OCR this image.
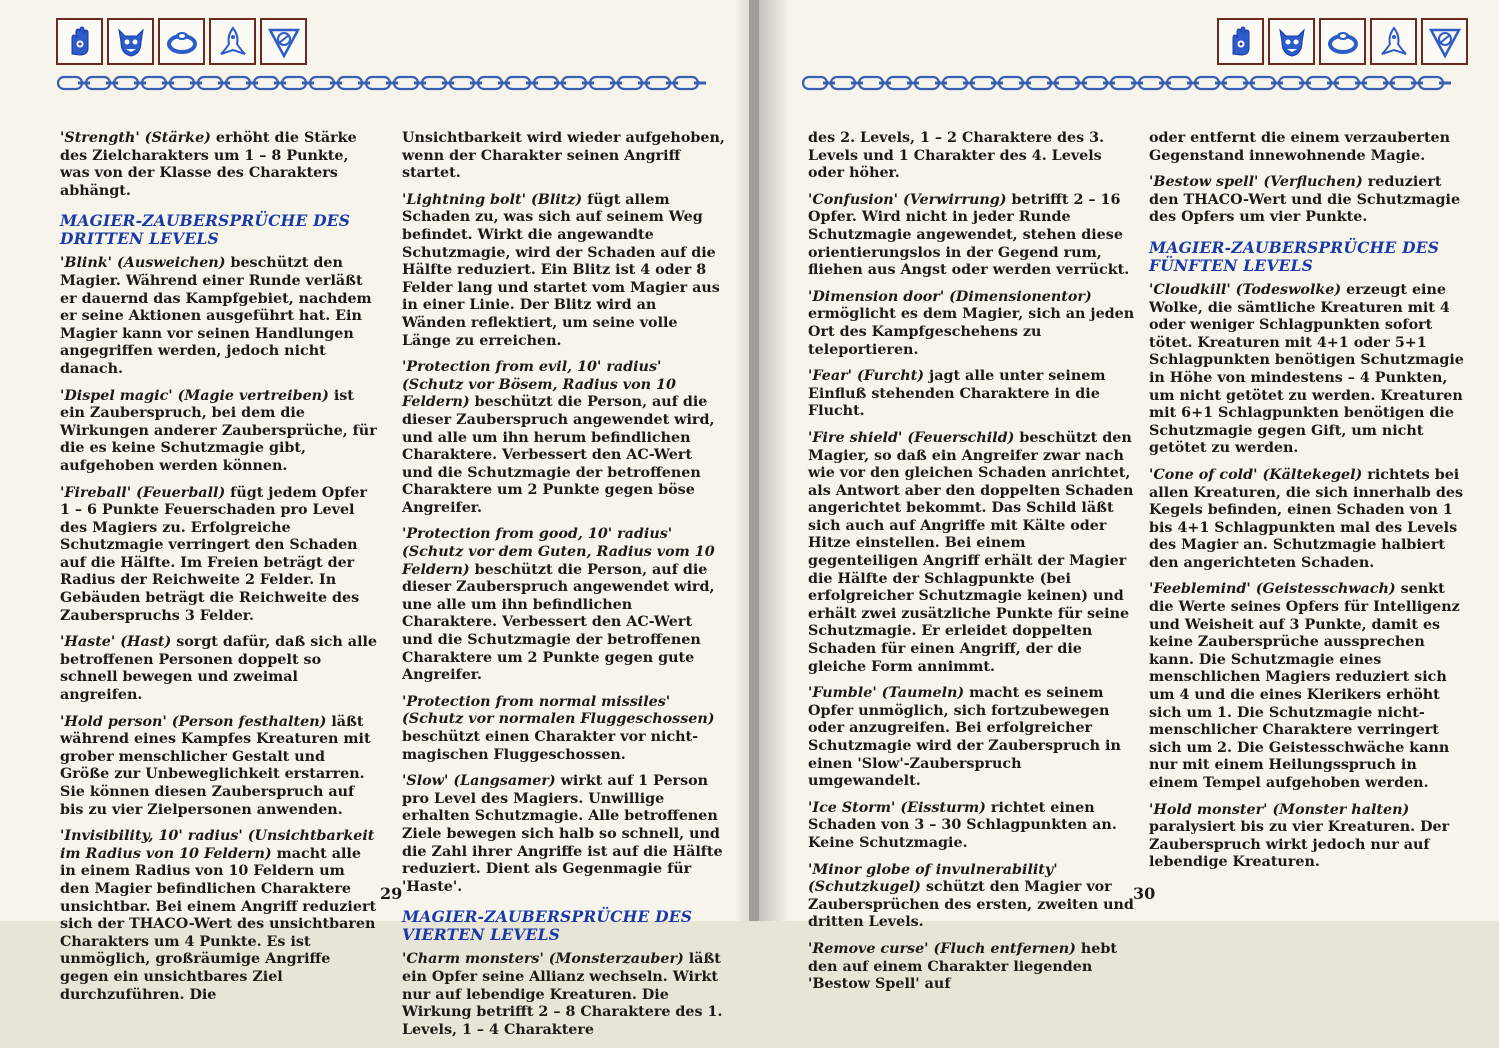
'Strength' (Stärke) erhöht die Stärke des Zielcharakters um 1 – 8 Punkte, was von der Klasse des Charakters abhängt.

MAGIER-ZAUBERSPRÜCHE DES DRITTEN LEVELS

'Blink' (Ausweichen) beschützt den Magier. Während einer Runde verläßt er dauernd das Kampfgebiet, nachdem er seine Aktionen ausgeführt hat. Ein Magier kann vor seinen Handlungen angegriffen werden, jedoch nicht danach.

'Dispel magic' (Magie vertreiben) ist ein Zauberspruch, bei dem die Wirkungen anderer Zaubersprüche, für die es keine Schutzmagie gibt, aufgehoben werden können.

'Fireball' (Feuerball) fügt jedem Opfer 1 – 6 Punkte Feuerschaden pro Level des Magiers zu. Erfolgreiche Schutzmagie verringert den Schaden auf die Hälfte. Im Freien beträgt der Radius der Reichweite 2 Felder. In Gebäuden beträgt die Reichweite des Zauberspruchs 3 Felder.

'Haste' (Hast) sorgt dafür, daß sich alle betroffenen Personen doppelt so schnell bewegen und zweimal angreifen.

'Hold person' (Person festhalten) läßt während eines Kampfes Kreaturen mit grober menschlicher Gestalt und Größe zur Unbeweglichkeit erstarren. Sie können diesen Zauberspruch auf bis zu vier Zielpersonen anwenden.

'Invisibility, 10' radius' (Unsichtbarkeit im Radius von 10 Feldern) macht alle in einem Radius von 10 Feldern um den Magier befindlichen Charaktere unsichtbar. Bei einem Angriff reduziert sich der THACO-Wert des unsichtbaren Charakters um 4 Punkte. Es ist unmöglich, großräumige Angriffe gegen ein unsichtbares Ziel durchzuführen. Die

Unsichtbarkeit wird wieder aufgehoben, wenn der Charakter seinen Angriff startet.

'Lightning bolt' (Blitz) fügt allem Schaden zu, was sich auf seinem Weg befindet. Wirkt die angewandte Schutzmagie, wird der Schaden auf die Hälfte reduziert. Ein Blitz ist 4 oder 8 Felder lang und startet vom Magier aus in einer Linie. Der Blitz wird an Wänden reflektiert, um seine volle Länge zu erreichen.

'Protection from evil, 10' radius' (Schutz vor Bösem, Radius von 10 Feldern) beschützt die Person, auf die dieser Zauberspruch angewendet wird, und alle um ihn herum befindlichen Charaktere. Verbessert den AC-Wert und die Schutzmagie der betroffenen Charaktere um 2 Punkte gegen böse Angreifer.

'Protection from good, 10' radius' (Schutz vor dem Guten, Radius vom 10 Feldern) beschützt die Person, auf die dieser Zauberspruch angewendet wird, une alle um ihn befindlichen Charaktere. Verbessert den AC-Wert und die Schutzmagie der betroffenen Charaktere um 2 Punkte gegen gute Angreifer.

'Protection from normal missiles' (Schutz vor normalen Fluggeschossen) beschützt einen Charakter vor nicht-magischen Fluggeschossen.

'Slow' (Langsamer) wirkt auf 1 Person pro Level des Magiers. Unwillige erhalten Schutzmagie. Alle betroffenen Ziele bewegen sich halb so schnell, und die Zahl ihrer Angriffe ist auf die Hälfte reduziert. Dient als Gegenmagie für 'Haste'.

MAGIER-ZAUBERSPRÜCHE DES VIERTEN LEVELS

'Charm monsters' (Monsterzauber) läßt ein Opfer seine Allianz wechseln. Wirkt nur auf lebendige Kreaturen. Die Wirkung betrifft 2 – 8 Charaktere des 1. Levels, 1 – 4 Charaktere

29

des 2. Levels, 1 – 2 Charaktere des 3. Levels und 1 Charakter des 4. Levels oder höher.

'Confusion' (Verwirrung) betrifft 2 – 16 Opfer. Wird nicht in jeder Runde Schutzmagie angewendet, stehen diese orientierungslos in der Gegend rum, fliehen aus Angst oder werden verrückt.

'Dimension door' (Dimensionentor) ermöglicht es dem Magier, sich an jeden Ort des Kampfgeschehens zu teleportieren.

'Fear' (Furcht) jagt alle unter seinem Einfluß stehenden Charaktere in die Flucht.

'Fire shield' (Feuerschild) beschützt den Magier, so daß ein Angreifer zwar nach wie vor den gleichen Schaden anrichtet, als Antwort aber den doppelten Schaden angerichtet bekommt. Das Schild läßt sich auch auf Angriffe mit Kälte oder Hitze einstellen. Bei einem gegenteiligen Angriff erhält der Magier die Hälfte der Schlagpunkte (bei erfolgreicher Schutzmagie keinen) und erhält zwei zusätzliche Punkte für seine Schutzmagie. Er erleidet doppelten Schaden für einen Angriff, der die gleiche Form annimmt.

'Fumble' (Taumeln) macht es seinem Opfer unmöglich, sich fortzubewegen oder anzugreifen. Bei erfolgreicher Schutzmagie wird der Zauberspruch in einen 'Slow'-Zauberspruch umgewandelt.

'Ice Storm' (Eissturm) richtet einen Schaden von 3 – 30 Schlagpunkten an. Keine Schutzmagie.

'Minor globe of invulnerability' (Schutzkugel) schützt den Magier vor Zaubersprüchen des ersten, zweiten und dritten Levels.

'Remove curse' (Fluch entfernen) hebt den auf einem Charakter liegenden 'Bestow Spell' auf

oder entfernt die einem verzauberten Gegenstand innewohnende Magie.

'Bestow spell' (Verfluchen) reduziert den THACO-Wert und die Schutzmagie des Opfers um vier Punkte.

MAGIER-ZAUBERSPRÜCHE DES FÜNFTEN LEVELS

'Cloudkill' (Todeswolke) erzeugt eine Wolke, die sämtliche Kreaturen mit 4 oder weniger Schlagpunkten sofort tötet. Kreaturen mit 4+1 oder 5+1 Schlagpunkten benötigen Schutzmagie in Höhe von mindestens – 4 Punkten, um nicht getötet zu werden. Kreaturen mit 6+1 Schlagpunkten benötigen die Schutzmagie gegen Gift, um nicht getötet zu werden.

'Cone of cold' (Kältekegel) richtets bei allen Kreaturen, die sich innerhalb des Kegels befinden, einen Schaden von 1 bis 4+1 Schlagpunkten mal des Levels des Magier an. Schutzmagie halbiert den angerichteten Schaden.

'Feeblemind' (Geistesschwach) senkt die Werte seines Opfers für Intelligenz und Weisheit auf 3 Punkte, damit es keine Zaubersprüche aussprechen kann. Die Schutzmagie eines menschlichen Magiers reduziert sich um 4 und die eines Klerikers erhöht sich um 1. Die Schutzmagie nicht-menschlicher Charaktere verringert sich um 2. Die Geistesschwäche kann nur mit einem Heilungsspruch in einem Tempel aufgehoben werden.

'Hold monster' (Monster halten) paralysiert bis zu vier Kreaturen. Der Zauberspruch wirkt jedoch nur auf lebendige Kreaturen.

30
